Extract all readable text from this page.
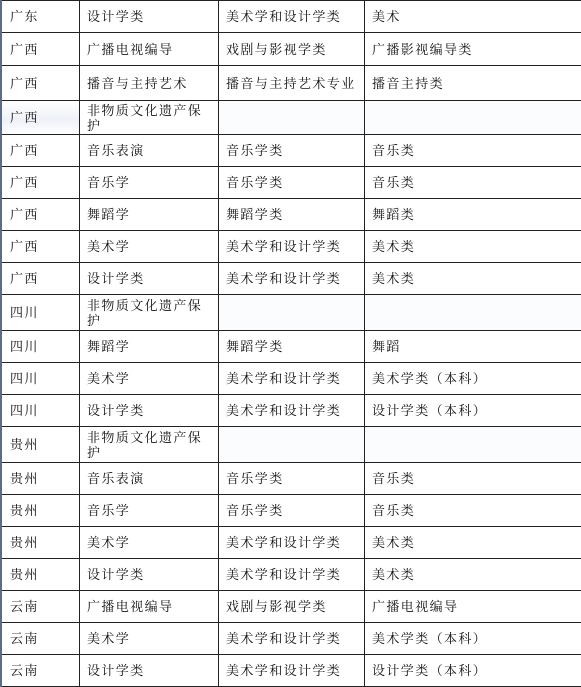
广东	设计学类	美术学和设计学类	美术
广西	广播电视编导	戏剧与影视学类	广播影视编导类
广西	播音与主持艺术	播音与主持艺术专业	播音主持类
广西	非物质文化遗产保护		
广西	音乐表演	音乐学类	音乐类
广西	音乐学	音乐学类	音乐类
广西	舞蹈学	舞蹈学类	舞蹈类
广西	美术学	美术学和设计学类	美术类
广西	设计学类	美术学和设计学类	美术类
四川	非物质文化遗产保护		
四川	舞蹈学	舞蹈学类	舞蹈
四川	美术学	美术学和设计学类	美术学类（本科）
四川	设计学类	美术学和设计学类	设计学类（本科）
贵州	非物质文化遗产保护		
贵州	音乐表演	音乐学类	音乐类
贵州	音乐学	音乐学类	音乐类
贵州	美术学	美术学和设计学类	美术类
贵州	设计学类	美术学和设计学类	美术类
云南	广播电视编导	戏剧与影视学类	广播电视编导
云南	美术学	美术学和设计学类	美术学类（本科）
云南	设计学类	美术学和设计学类	设计学类（本科）
